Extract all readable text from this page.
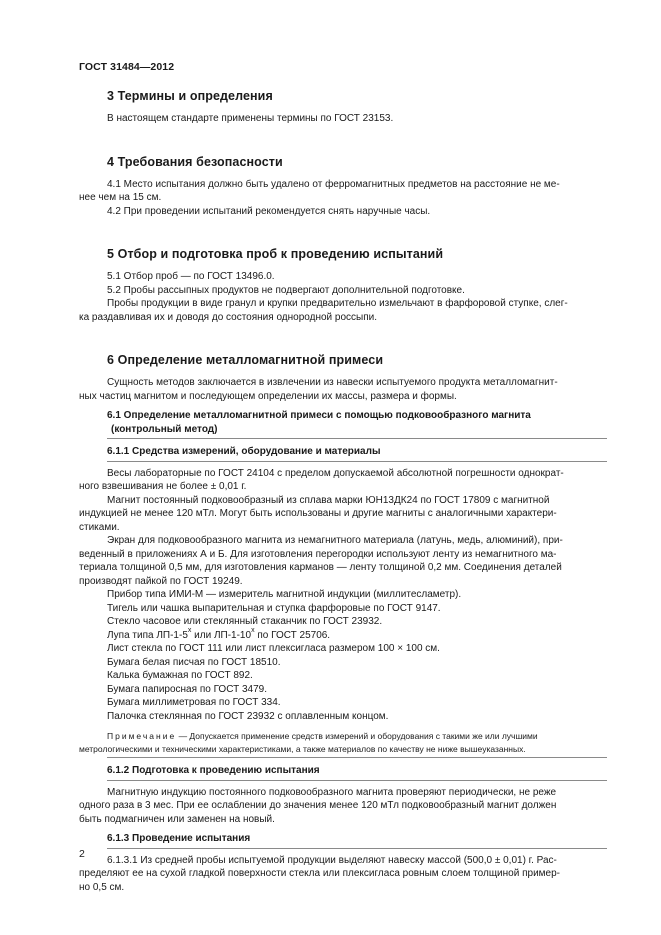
ГОСТ 31484—2012
3 Термины и определения

В настоящем стандарте применены термины по ГОСТ 23153.

4 Требования безопасности

4.1 Место испытания должно быть удалено от ферромагнитных предметов на расстояние не ме-

нее чем на 15 см.

4.2 При проведении испытаний рекомендуется снять наручные часы.

5 Отбор и подготовка проб к проведению испытаний

5.1 Отбор проб — по ГОСТ 13496.0.

5.2 Пробы рассыпных продуктов не подвергают дополнительной подготовке.

Пробы продукции в виде гранул и крупки предварительно измельчают в фарфоровой ступке, слег-

ка раздавливая их и доводя до состояния однородной россыпи.

6 Определение металломагнитной примеси

Сущность методов заключается в извлечении из навески испытуемого продукта металломагнит-

ных частиц магнитом и последующем определении их массы, размера и формы.

6.1 Определение металломагнитной примеси с помощью подковообразного магнита
(контрольный метод)
6.1.1 Средства измерений, оборудование и материалы

Весы лабораторные по ГОСТ 24104 с пределом допускаемой абсолютной погрешности однократ-

ного взвешивания не более ± 0,01 г.

Магнит постоянный подковообразный из сплава марки ЮН13ДК24 по ГОСТ 17809 с магнитной

индукцией не менее 120 мТл. Могут быть использованы и другие магниты с аналогичными характери-

стиками.

Экран для подковообразного магнита из немагнитного материала (латунь, медь, алюминий), при-

веденный в приложениях А и Б. Для изготовления перегородки используют ленту из немагнитного ма-

териала толщиной 0,5 мм, для изготовления карманов — ленту толщиной 0,2 мм. Соединения деталей

производят пайкой по ГОСТ 19249.

Прибор типа ИМИ-М — измеритель магнитной индукции (миллитесламетр).

Тигель или чашка выпарительная и ступка фарфоровые по ГОСТ 9147.

Стекло часовое или стеклянный стаканчик по ГОСТ 23932.

Лупа типа $ЛП-1-5^х$ или $ЛП-1-10^х$ по ГОСТ 25706.

Лист стекла по ГОСТ 111 или лист плексигласа размером 100 × 100 см.

Бумага белая писчая по ГОСТ 18510.

Калька бумажная по ГОСТ 892.

Бумага папиросная по ГОСТ 3479.

Бумага миллиметровая по ГОСТ 334.

Палочка стеклянная по ГОСТ 23932 с оплавленным концом.

Примечание — Допускается применение средств измерений и оборудования с такими же или лучшими

метрологическими и техническими характеристиками, а также материалов по качеству не ниже вышеуказанных.

6.1.2 Подготовка к проведению испытания

Магнитную индукцию постоянного подковообразного магнита проверяют периодически, не реже

одного раза в 3 мес. При ее ослаблении до значения менее 120 мТл подковообразный магнит должен

быть подмагничен или заменен на новый.

6.1.3 Проведение испытания

6.1.3.1 Из средней пробы испытуемой продукции выделяют навеску массой (500,0 ± 0,01) г. Рас-

пределяют ее на сухой гладкой поверхности стекла или плексигласа ровным слоем толщиной пример-

но 0,5 см.

2
